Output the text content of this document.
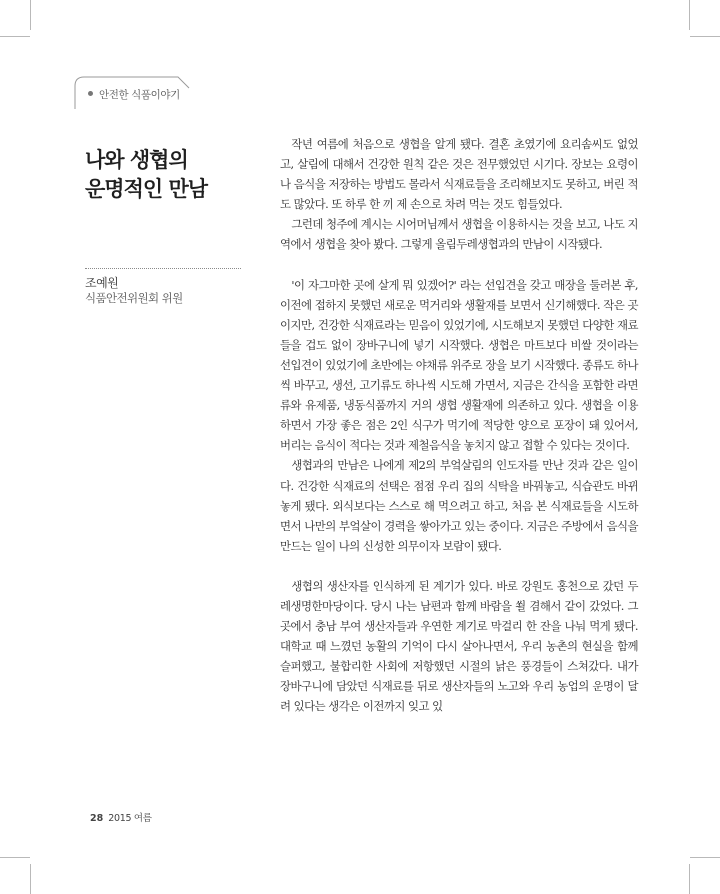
안전한 식품이야기
나와 생협의
운명적인 만남
조예원
식품안전위원회 위원

작년 여름에 처음으로 생협을 알게 됐다. 결혼 초였기에 요리솜씨도 없었고, 살림에 대해서 건강한 원칙 같은 것은 전무했었던 시기다. 장보는 요령이나 음식을 저장하는 방법도 몰라서 식재료들을 조리해보지도 못하고, 버린 적도 많았다. 또 하루 한 끼 제 손으로 차려 먹는 것도 힘들었다.

그런데 청주에 계시는 시어머님께서 생협을 이용하시는 것을 보고, 나도 지역에서 생협을 찾아 봤다. 그렇게 올림두레생협과의 만남이 시작됐다.

'이 자그마한 곳에 살게 뭐 있겠어?' 라는 선입견을 갖고 매장을 둘러본 후, 이전에 접하지 못했던 새로운 먹거리와 생활재를 보면서 신기해했다. 작은 곳이지만, 건강한 식재료라는 믿음이 있었기에, 시도해보지 못했던 다양한 재료들을 겁도 없이 장바구니에 넣기 시작했다. 생협은 마트보다 비쌀 것이라는 선입견이 있었기에 초반에는 야채류 위주로 장을 보기 시작했다. 종류도 하나씩 바꾸고, 생선, 고기류도 하나씩 시도해 가면서, 지금은 간식을 포함한 라면류와 유제품, 냉동식품까지 거의 생협 생활재에 의존하고 있다. 생협을 이용하면서 가장 좋은 점은 2인 식구가 먹기에 적당한 양으로 포장이 돼 있어서, 버리는 음식이 적다는 것과 제철음식을 놓치지 않고 접할 수 있다는 것이다.

생협과의 만남은 나에게 제2의 부엌살림의 인도자를 만난 것과 같은 일이다. 건강한 식재료의 선택은 점점 우리 집의 식탁을 바꿔놓고, 식습관도 바뀌 놓게 됐다. 외식보다는 스스로 해 먹으려고 하고, 처음 본 식재료들을 시도하면서 나만의 부엌살이 경력을 쌓아가고 있는 중이다. 지금은 주방에서 음식을 만드는 일이 나의 신성한 의무이자 보람이 됐다.

생협의 생산자를 인식하게 된 계기가 있다. 바로 강원도 홍천으로 갔던 두레생명한마당이다. 당시 나는 남편과 함께 바람을 쐴 겸해서 같이 갔었다. 그 곳에서 충남 부여 생산자들과 우연한 계기로 막걸리 한 잔을 나눠 먹게 됐다. 대학교 때 느꼈던 농활의 기억이 다시 살아나면서, 우리 농촌의 현실을 함께 슬퍼했고, 불합리한 사회에 저항했던 시절의 낡은 풍경들이 스쳐갔다. 내가 장바구니에 담았던 식재료를 뒤로 생산자들의 노고와 우리 농업의 운명이 달려 있다는 생각은 이전까지 잊고 있

28 2015 여름
